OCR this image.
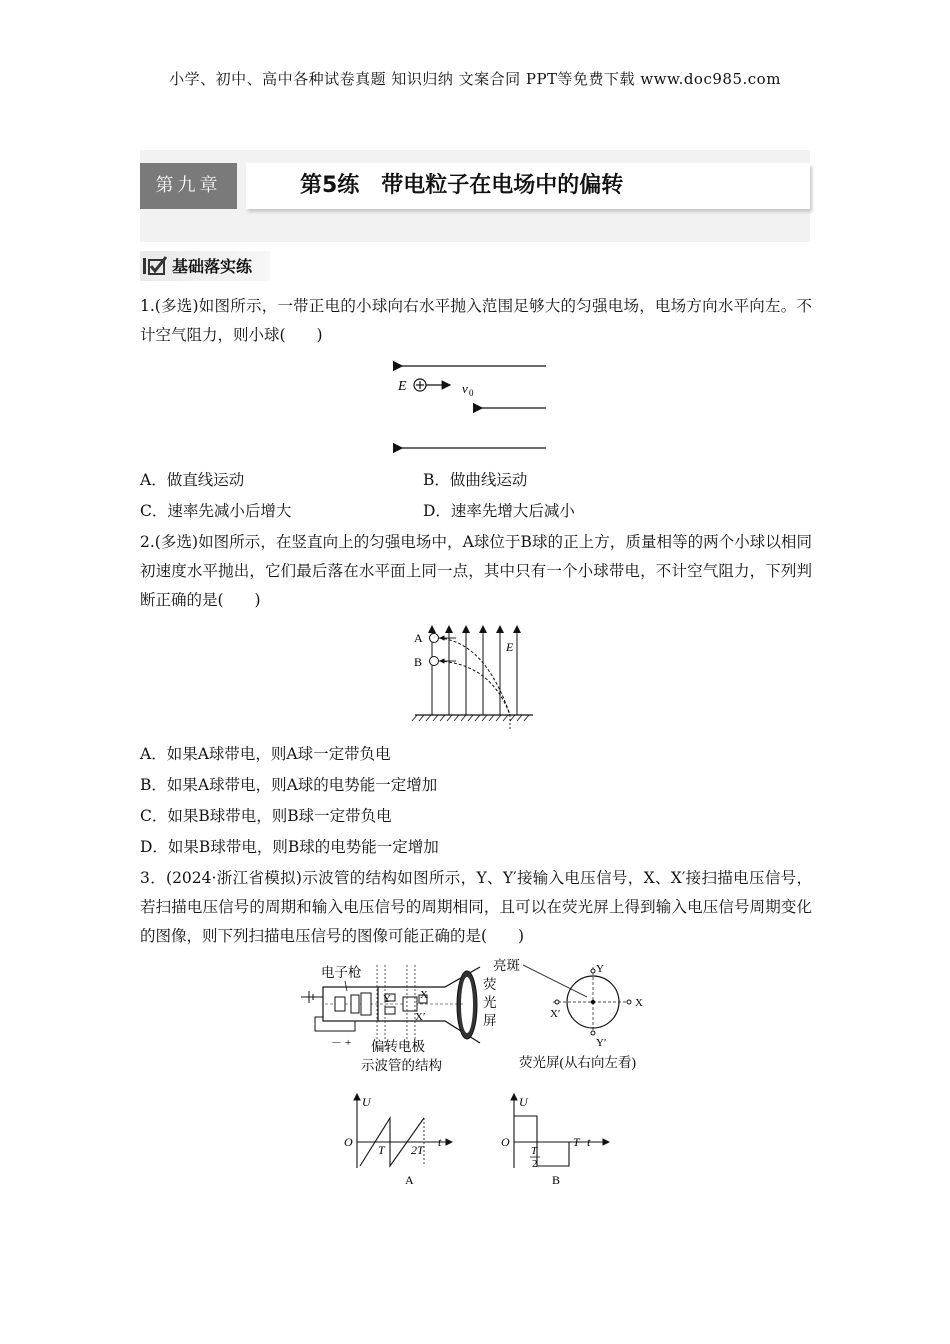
小学、初中、高中各种试卷真题 知识归纳 文案合同 PPT等免费下载 www.doc985.com
第九章	第5练　带电粒子在电场中的偏转
基础落实练
1.(多选)如图所示，一带正电的小球向右水平抛入范围足够大的匀强电场，电场方向水平向左。不计空气阻力，则小球(　　)
E	v 0
A．做直线运动	B．做曲线运动
C．速率先减小后增大	D．速率先增大后减小
2.(多选)如图所示，在竖直向上的匀强电场中，A球位于B球的正上方，质量相等的两个小球以相同初速度水平抛出，它们最后落在水平面上同一点，其中只有一个小球带电，不计空气阻力，下列判断正确的是(　　)
A
B
E
A．如果A球带电，则A球一定带负电
B．如果A球带电，则A球的电势能一定增加
C．如果B球带电，则B球一定带负电
D．如果B球带电，则B球的电势能一定增加
3．(2024·浙江省模拟)示波管的结构如图所示，Y、Y′接输入电压信号，X、X′接扫描电压信号，若扫描电压信号的周期和输入电压信号的周期相同，且可以在荧光屏上得到输入电压信号周期变化的图像，则下列扫描电压信号的图像可能正确的是(　　)
电子枪
Y	X
X′
－ + 偏转电极
示波管的结构
亮斑
荧
光
屏
Y
Y′
X
X′
荧光屏(从右向左看)
U
O
T 2T
t
A
U
O
T
2
T t
B
